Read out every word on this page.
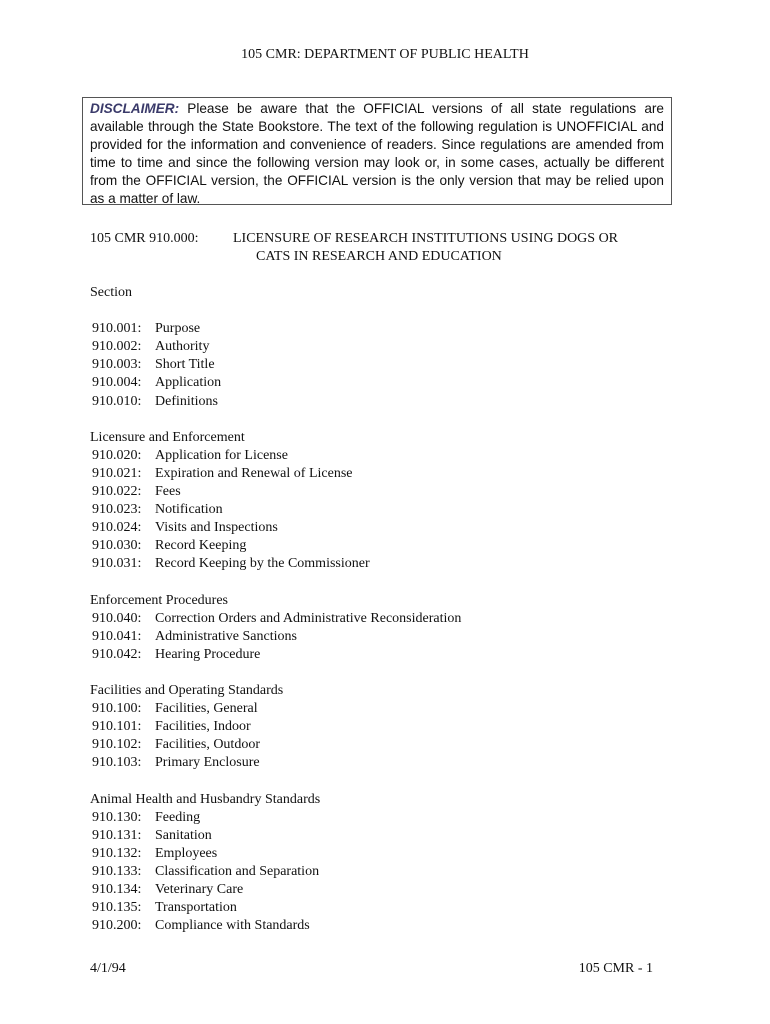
105 CMR: DEPARTMENT OF PUBLIC HEALTH
DISCLAIMER: Please be aware that the OFFICIAL versions of all state regulations are available through the State Bookstore. The text of the following regulation is UNOFFICIAL and provided for the information and convenience of readers. Since regulations are amended from time to time and since the following version may look or, in some cases, actually be different from the OFFICIAL version, the OFFICIAL version is the only version that may be relied upon as a matter of law.
105 CMR 910.000: LICENSURE OF RESEARCH INSTITUTIONS USING DOGS OR
CATS IN RESEARCH AND EDUCATION
Section
910.001: Purpose
910.002: Authority
910.003: Short Title
910.004: Application
910.010: Definitions
Licensure and Enforcement
910.020: Application for License
910.021: Expiration and Renewal of License
910.022: Fees
910.023: Notification
910.024: Visits and Inspections
910.030: Record Keeping
910.031: Record Keeping by the Commissioner
Enforcement Procedures
910.040: Correction Orders and Administrative Reconsideration
910.041: Administrative Sanctions
910.042: Hearing Procedure
Facilities and Operating Standards
910.100: Facilities, General
910.101: Facilities, Indoor
910.102: Facilities, Outdoor
910.103: Primary Enclosure
Animal Health and Husbandry Standards
910.130: Feeding
910.131: Sanitation
910.132: Employees
910.133: Classification and Separation
910.134: Veterinary Care
910.135: Transportation
910.200: Compliance with Standards
4/1/94	105 CMR - 1
